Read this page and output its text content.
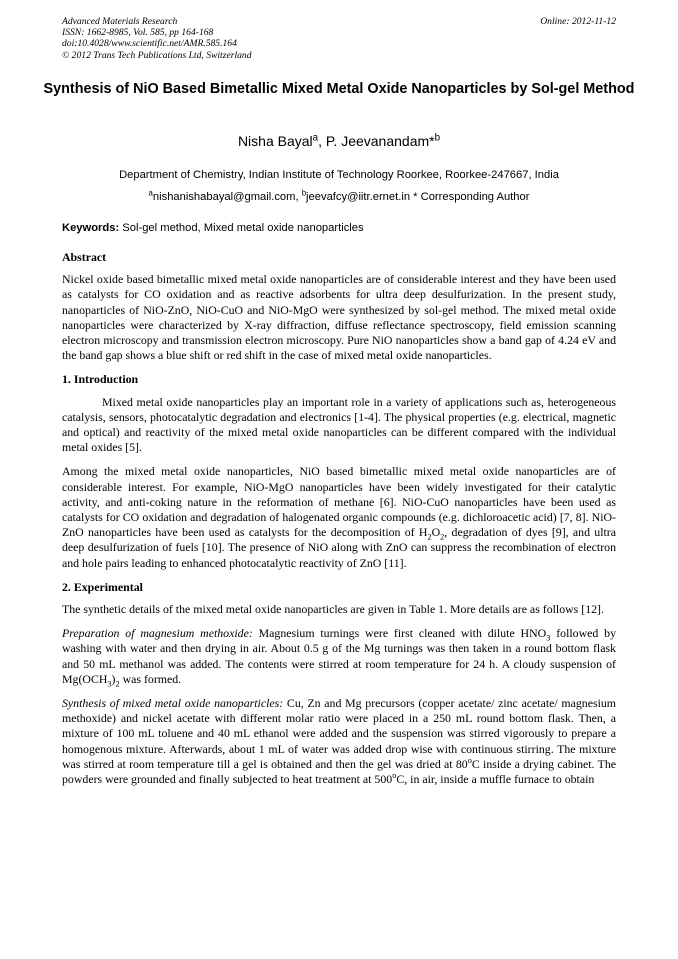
Advanced Materials Research
ISSN: 1662-8985, Vol. 585, pp 164-168
doi:10.4028/www.scientific.net/AMR.585.164
© 2012 Trans Tech Publications Ltd, Switzerland
Online: 2012-11-12
Synthesis of NiO Based Bimetallic Mixed Metal Oxide Nanoparticles by Sol-gel Method
Nisha Bayal$^a$, P. Jeevanandam*$^b$
Department of Chemistry, Indian Institute of Technology Roorkee, Roorkee-247667, India
$^a$nishanishabayal@gmail.com, $^b$jeevafcy@iitr.ernet.in * Corresponding Author
Keywords: Sol-gel method, Mixed metal oxide nanoparticles
Abstract

Nickel oxide based bimetallic mixed metal oxide nanoparticles are of considerable interest and they have been used as catalysts for CO oxidation and as reactive adsorbents for ultra deep desulfurization. In the present study, nanoparticles of NiO-ZnO, NiO-CuO and NiO-MgO were synthesized by sol-gel method. The mixed metal oxide nanoparticles were characterized by X-ray diffraction, diffuse reflectance spectroscopy, field emission scanning electron microscopy and transmission electron microscopy. Pure NiO nanoparticles show a band gap of 4.24 eV and the band gap shows a blue shift or red shift in the case of mixed metal oxide nanoparticles.

1. Introduction

Mixed metal oxide nanoparticles play an important role in a variety of applications such as, heterogeneous catalysis, sensors, photocatalytic degradation and electronics [1-4]. The physical properties (e.g. electrical, magnetic and optical) and reactivity of the mixed metal oxide nanoparticles can be different compared with the individual metal oxides [5].

Among the mixed metal oxide nanoparticles, NiO based bimetallic mixed metal oxide nanoparticles are of considerable interest. For example, NiO-MgO nanoparticles have been widely investigated for their catalytic activity, and anti-coking nature in the reformation of methane [6]. NiO-CuO nanoparticles have been used as catalysts for CO oxidation and degradation of halogenated organic compounds (e.g. dichloroacetic acid) [7, 8]. NiO-ZnO nanoparticles have been used as catalysts for the decomposition of $H_2O_2$, degradation of dyes [9], and ultra deep desulfurization of fuels [10]. The presence of NiO along with ZnO can suppress the recombination of electron and hole pairs leading to enhanced photocatalytic reactivity of ZnO [11].

2. Experimental

The synthetic details of the mixed metal oxide nanoparticles are given in Table 1. More details are as follows [12].

Preparation of magnesium methoxide: Magnesium turnings were first cleaned with dilute $HNO_3$ followed by washing with water and then drying in air. About 0.5 g of the Mg turnings was then taken in a round bottom flask and 50 mL methanol was added. The contents were stirred at room temperature for 24 h. A cloudy suspension of $Mg(OCH_3)_2$ was formed.

Synthesis of mixed metal oxide nanoparticles: Cu, Zn and Mg precursors (copper acetate/ zinc acetate/ magnesium methoxide) and nickel acetate with different molar ratio were placed in a 250 mL round bottom flask. Then, a mixture of 100 mL toluene and 40 mL ethanol were added and the suspension was stirred vigorously to prepare a homogenous mixture. Afterwards, about 1 mL of water was added drop wise with continuous stirring. The mixture was stirred at room temperature till a gel is obtained and then the gel was dried at 80$^o$C inside a drying cabinet. The powders were grounded and finally subjected to heat treatment at 500$^o$C, in air, inside a muffle furnace to obtain
